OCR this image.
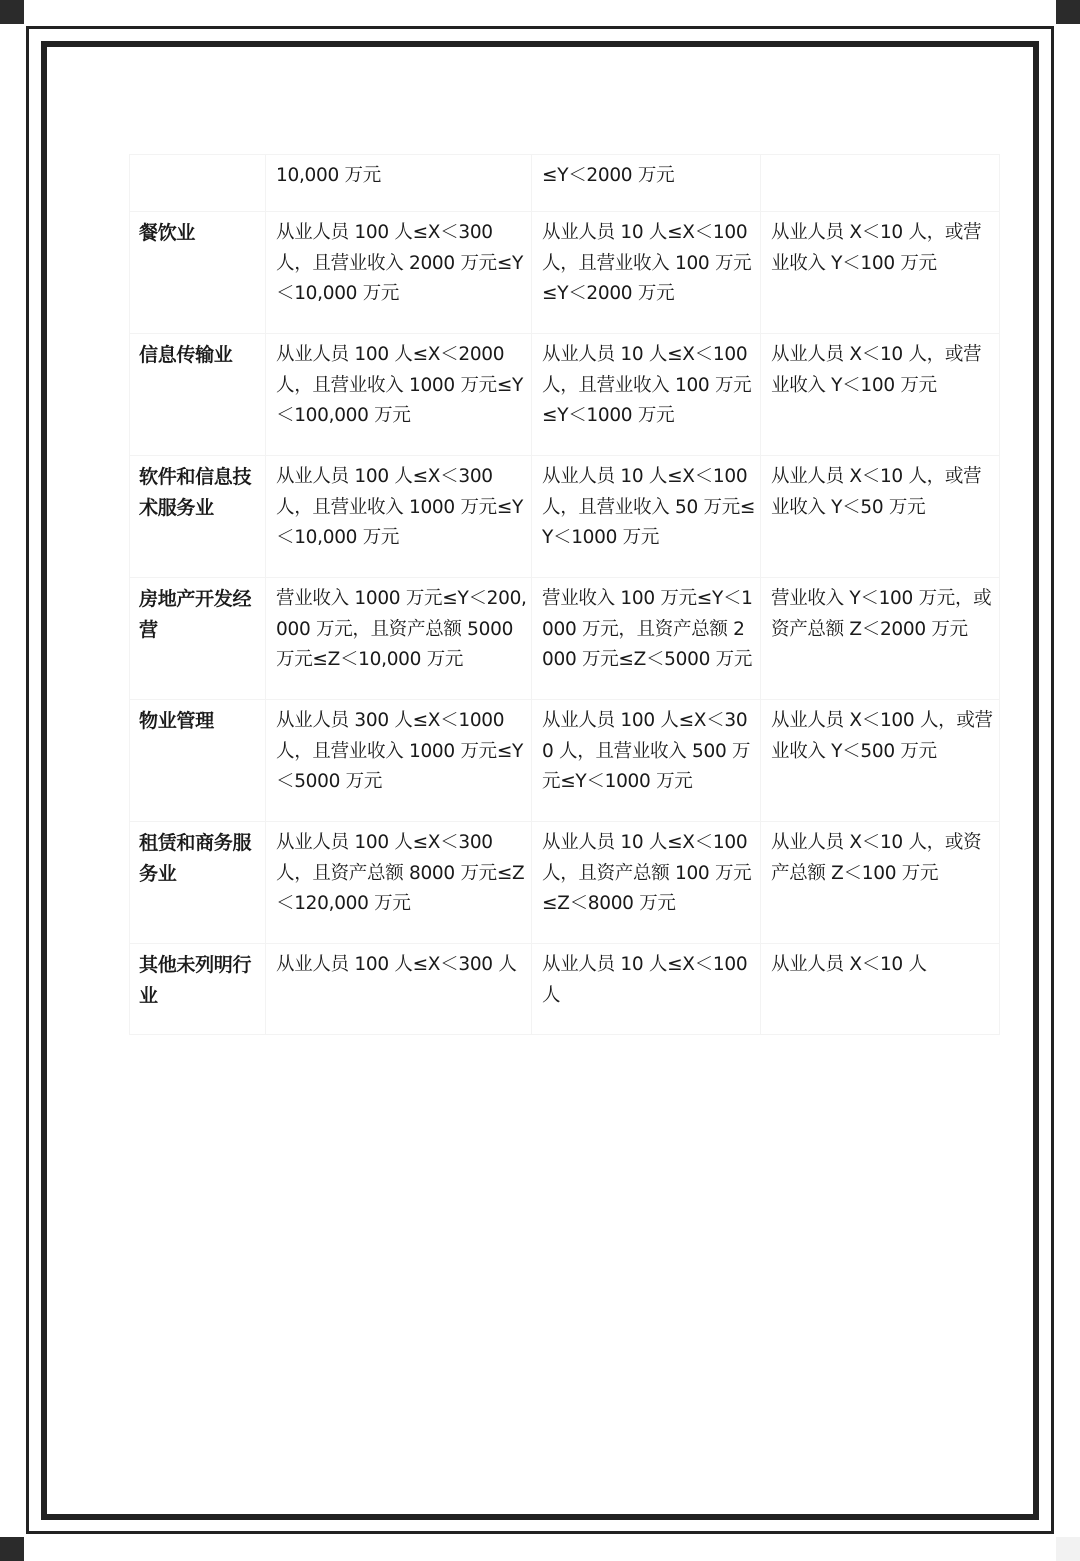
	10,000 万元	≤Y＜2000 万元	
餐饮业	从业人员 100 人≤X＜300 人，且营业收入 2000 万元≤Y＜10,000 万元	从业人员 10 人≤X＜100 人，且营业收入 100 万元≤Y＜2000 万元	从业人员 X＜10 人，或营业收入 Y＜100 万元
信息传输业	从业人员 100 人≤X＜2000 人，且营业收入 1000 万元≤Y＜100,000 万元	从业人员 10 人≤X＜100 人，且营业收入 100 万元≤Y＜1000 万元	从业人员 X＜10 人，或营业收入 Y＜100 万元
软件和信息技术服务业	从业人员 100 人≤X＜300 人，且营业收入 1000 万元≤Y＜10,000 万元	从业人员 10 人≤X＜100 人，且营业收入 50 万元≤Y＜1000 万元	从业人员 X＜10 人，或营业收入 Y＜50 万元
房地产开发经营	营业收入 1000 万元≤Y＜200,000 万元，且资产总额 5000 万元≤Z＜10,000 万元	营业收入 100 万元≤Y＜1000 万元，且资产总额 2000 万元≤Z＜5000 万元	营业收入 Y＜100 万元，或资产总额 Z＜2000 万元
物业管理	从业人员 300 人≤X＜1000 人，且营业收入 1000 万元≤Y＜5000 万元	从业人员 100 人≤X＜300 人，且营业收入 500 万元≤Y＜1000 万元	从业人员 X＜100 人，或营业收入 Y＜500 万元
租赁和商务服务业	从业人员 100 人≤X＜300 人，且资产总额 8000 万元≤Z＜120,000 万元	从业人员 10 人≤X＜100 人，且资产总额 100 万元≤Z＜8000 万元	从业人员 X＜10 人，或资产总额 Z＜100 万元
其他未列明行业	从业人员 100 人≤X＜300 人	从业人员 10 人≤X＜100 人	从业人员 X＜10 人
